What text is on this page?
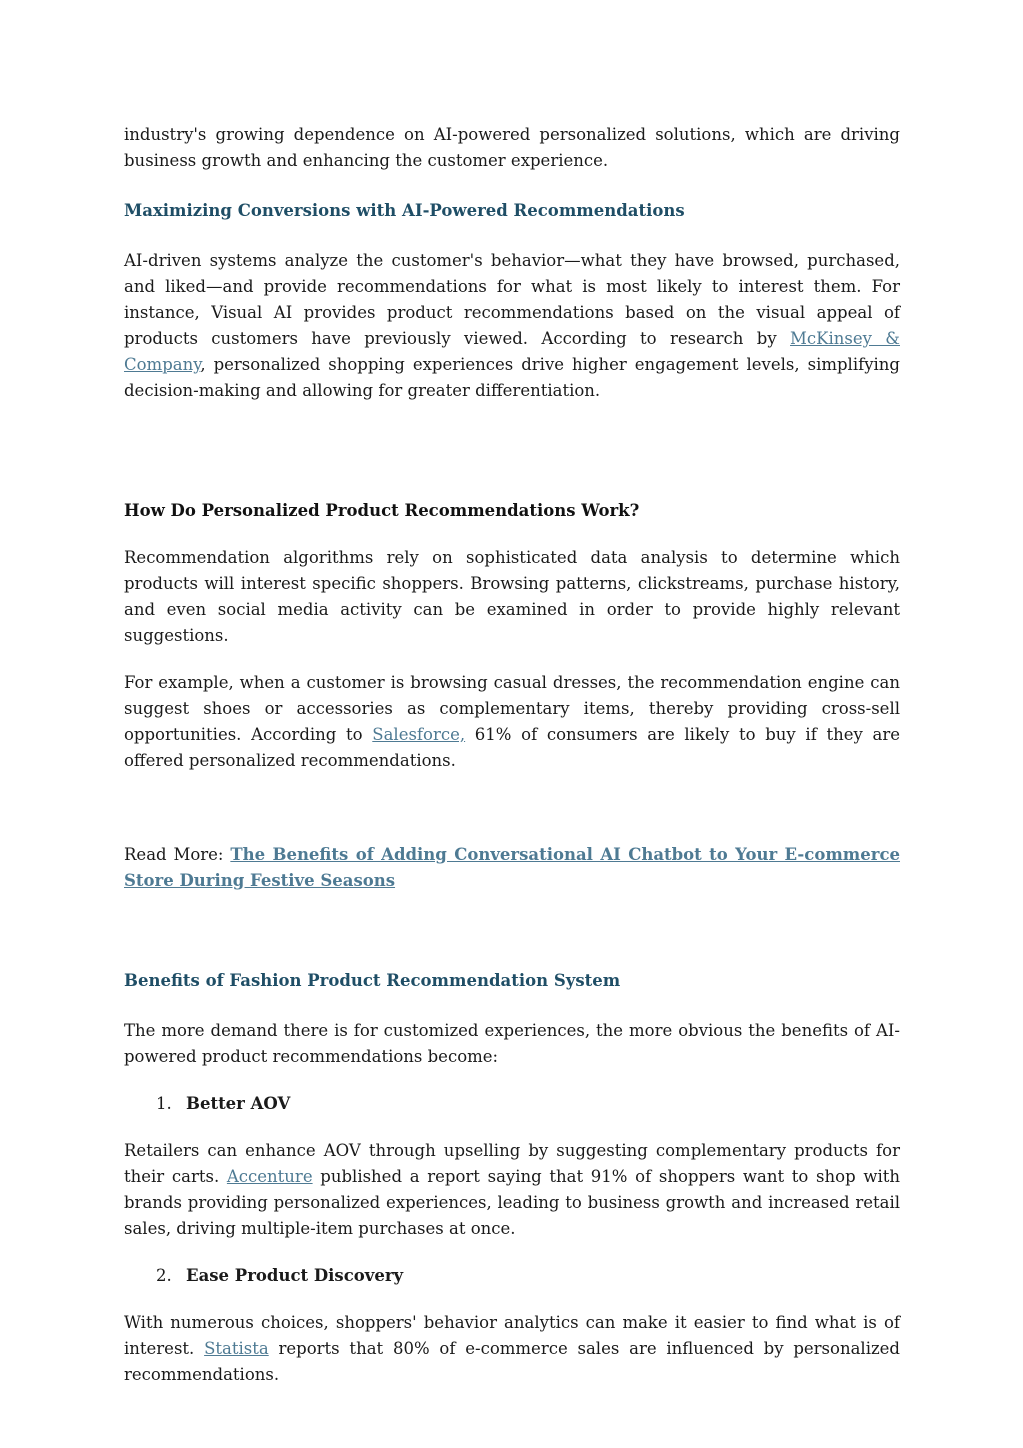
industry's growing dependence on AI-powered personalized solutions, which are driving business growth and enhancing the customer experience.

Maximizing Conversions with AI-Powered Recommendations

AI-driven systems analyze the customer's behavior—what they have browsed, purchased, and liked—and provide recommendations for what is most likely to interest them. For instance, Visual AI provides product recommendations based on the visual appeal of products customers have previously viewed. According to research by McKinsey & Company, personalized shopping experiences drive higher engagement levels, simplifying decision-making and allowing for greater differentiation.

How Do Personalized Product Recommendations Work?

Recommendation algorithms rely on sophisticated data analysis to determine which products will interest specific shoppers. Browsing patterns, clickstreams, purchase history, and even social media activity can be examined in order to provide highly relevant suggestions.

For example, when a customer is browsing casual dresses, the recommendation engine can suggest shoes or accessories as complementary items, thereby providing cross-sell opportunities. According to Salesforce, 61% of consumers are likely to buy if they are offered personalized recommendations.

Read More: The Benefits of Adding Conversational AI Chatbot to Your E-commerce Store During Festive Seasons

Benefits of Fashion Product Recommendation System

The more demand there is for customized experiences, the more obvious the benefits of AI-powered product recommendations become:

1. Better AOV

Retailers can enhance AOV through upselling by suggesting complementary products for their carts. Accenture published a report saying that 91% of shoppers want to shop with brands providing personalized experiences, leading to business growth and increased retail sales, driving multiple-item purchases at once.

2. Ease Product Discovery

With numerous choices, shoppers' behavior analytics can make it easier to find what is of interest. Statista reports that 80% of e-commerce sales are influenced by personalized recommendations.
